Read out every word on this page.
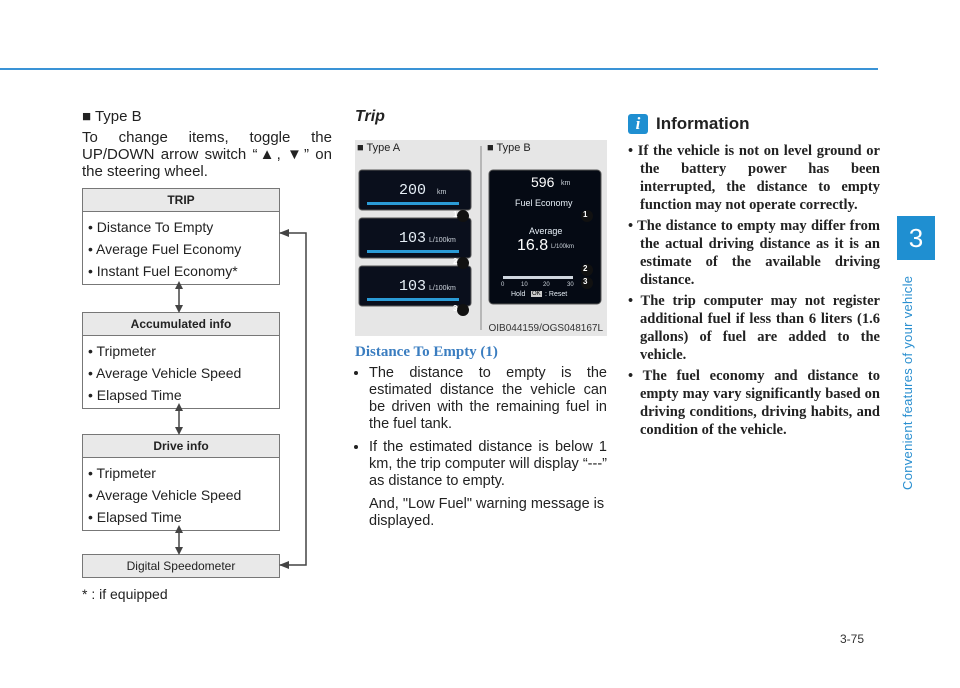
3
Convenient features of your vehicle
3-75
■ Type B
To change items, toggle the UP/DOWN arrow switch “▲, ▼” on the steering wheel.
TRIP
• Distance To Empty
• Average Fuel Economy
• Instant Fuel Economy*
Accumulated info
• Tripmeter
• Average Vehicle Speed
• Elapsed Time
Drive info
• Tripmeter
• Average Vehicle Speed
• Elapsed Time
Digital Speedometer
* : if equipped
Trip
■ Type A	■ Type B
200 km
103 L/100km
103 L/100km
1
2
3
596 km
Fuel Economy
Average
16.8 L/100km
0	10	20	30
Hold OK : Reset
1
2
3
OIB044159/OGS048167L
Distance To Empty (1)
• The distance to empty is the estimated distance the vehicle can be driven with the remaining fuel in the fuel tank.
• If the estimated distance is below 1 km, the trip computer will display “---” as distance to empty.

And, "Low Fuel" warning message is displayed.

i Information
• If the vehicle is not on level ground or the battery power has been interrupted, the distance to empty function may not operate correctly.
• The distance to empty may differ from the actual driving distance as it is an estimate of the available driving distance.
• The trip computer may not register additional fuel if less than 6 liters (1.6 gallons) of fuel are added to the vehicle.
• The fuel economy and distance to empty may vary significantly based on driving conditions, driving habits, and condition of the vehicle.
